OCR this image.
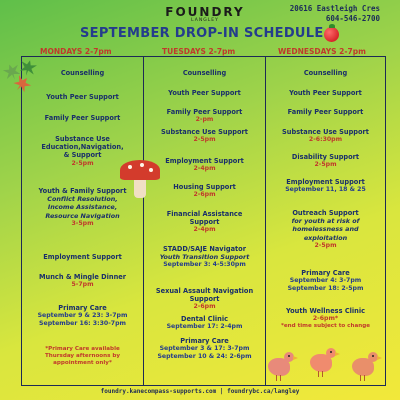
FOUNDRY
LANGLEY
20616 Eastleigh Cres
604-546-2700
SEPTEMBER DROP-IN SCHEDULE
MONDAYS 2-7pm	TUESDAYS 2-7pm	WEDNESDAYS 2-7pm
Counselling
Youth Peer Support
Family Peer Support
Substance Use
Education,Navigation,
& Support
2-5pm
Youth & Family Support
Conflict Resolution,
Income Assistance,
Resource Navigation
3-5pm
Employment Support
Munch & Mingle Dinner
5-7pm
Primary Care
September 9 & 23: 3-7pm
September 16: 3:30-7pm
*Primary Care available
Thursday afternoons by
appointment only*
Counselling
Youth Peer Support
Family Peer Support
2-pm
Substance Use Support
2-5pm
Employment Support
2-4pm
Housing Support
2-6pm
Financial Assistance
Support
2-4pm
STADD/SAJE Navigator
Youth Transition Support
September 3: 4-5:30pm
Sexual Assault Navigation Support
2-6pm
Dental Clinic
September 17: 2-4pm
Primary Care
September 3 & 17: 3-7pm
September 10 & 24: 2-6pm
Counselling
Youth Peer Support
Family Peer Support
Substance Use Support
2-6:30pm
Disability Support
2-5pm
Employment Support
September 11, 18 & 25
Outreach Support
for youth at risk of
homelessness and
exploitation
2-5pm
Primary Care
September 4: 3-7pm
September 18: 2-5pm
Youth Wellness Clinic
2-6pm*
*end time subject to change
foundry.kanecompass-supports.com | foundrybc.ca/langley
